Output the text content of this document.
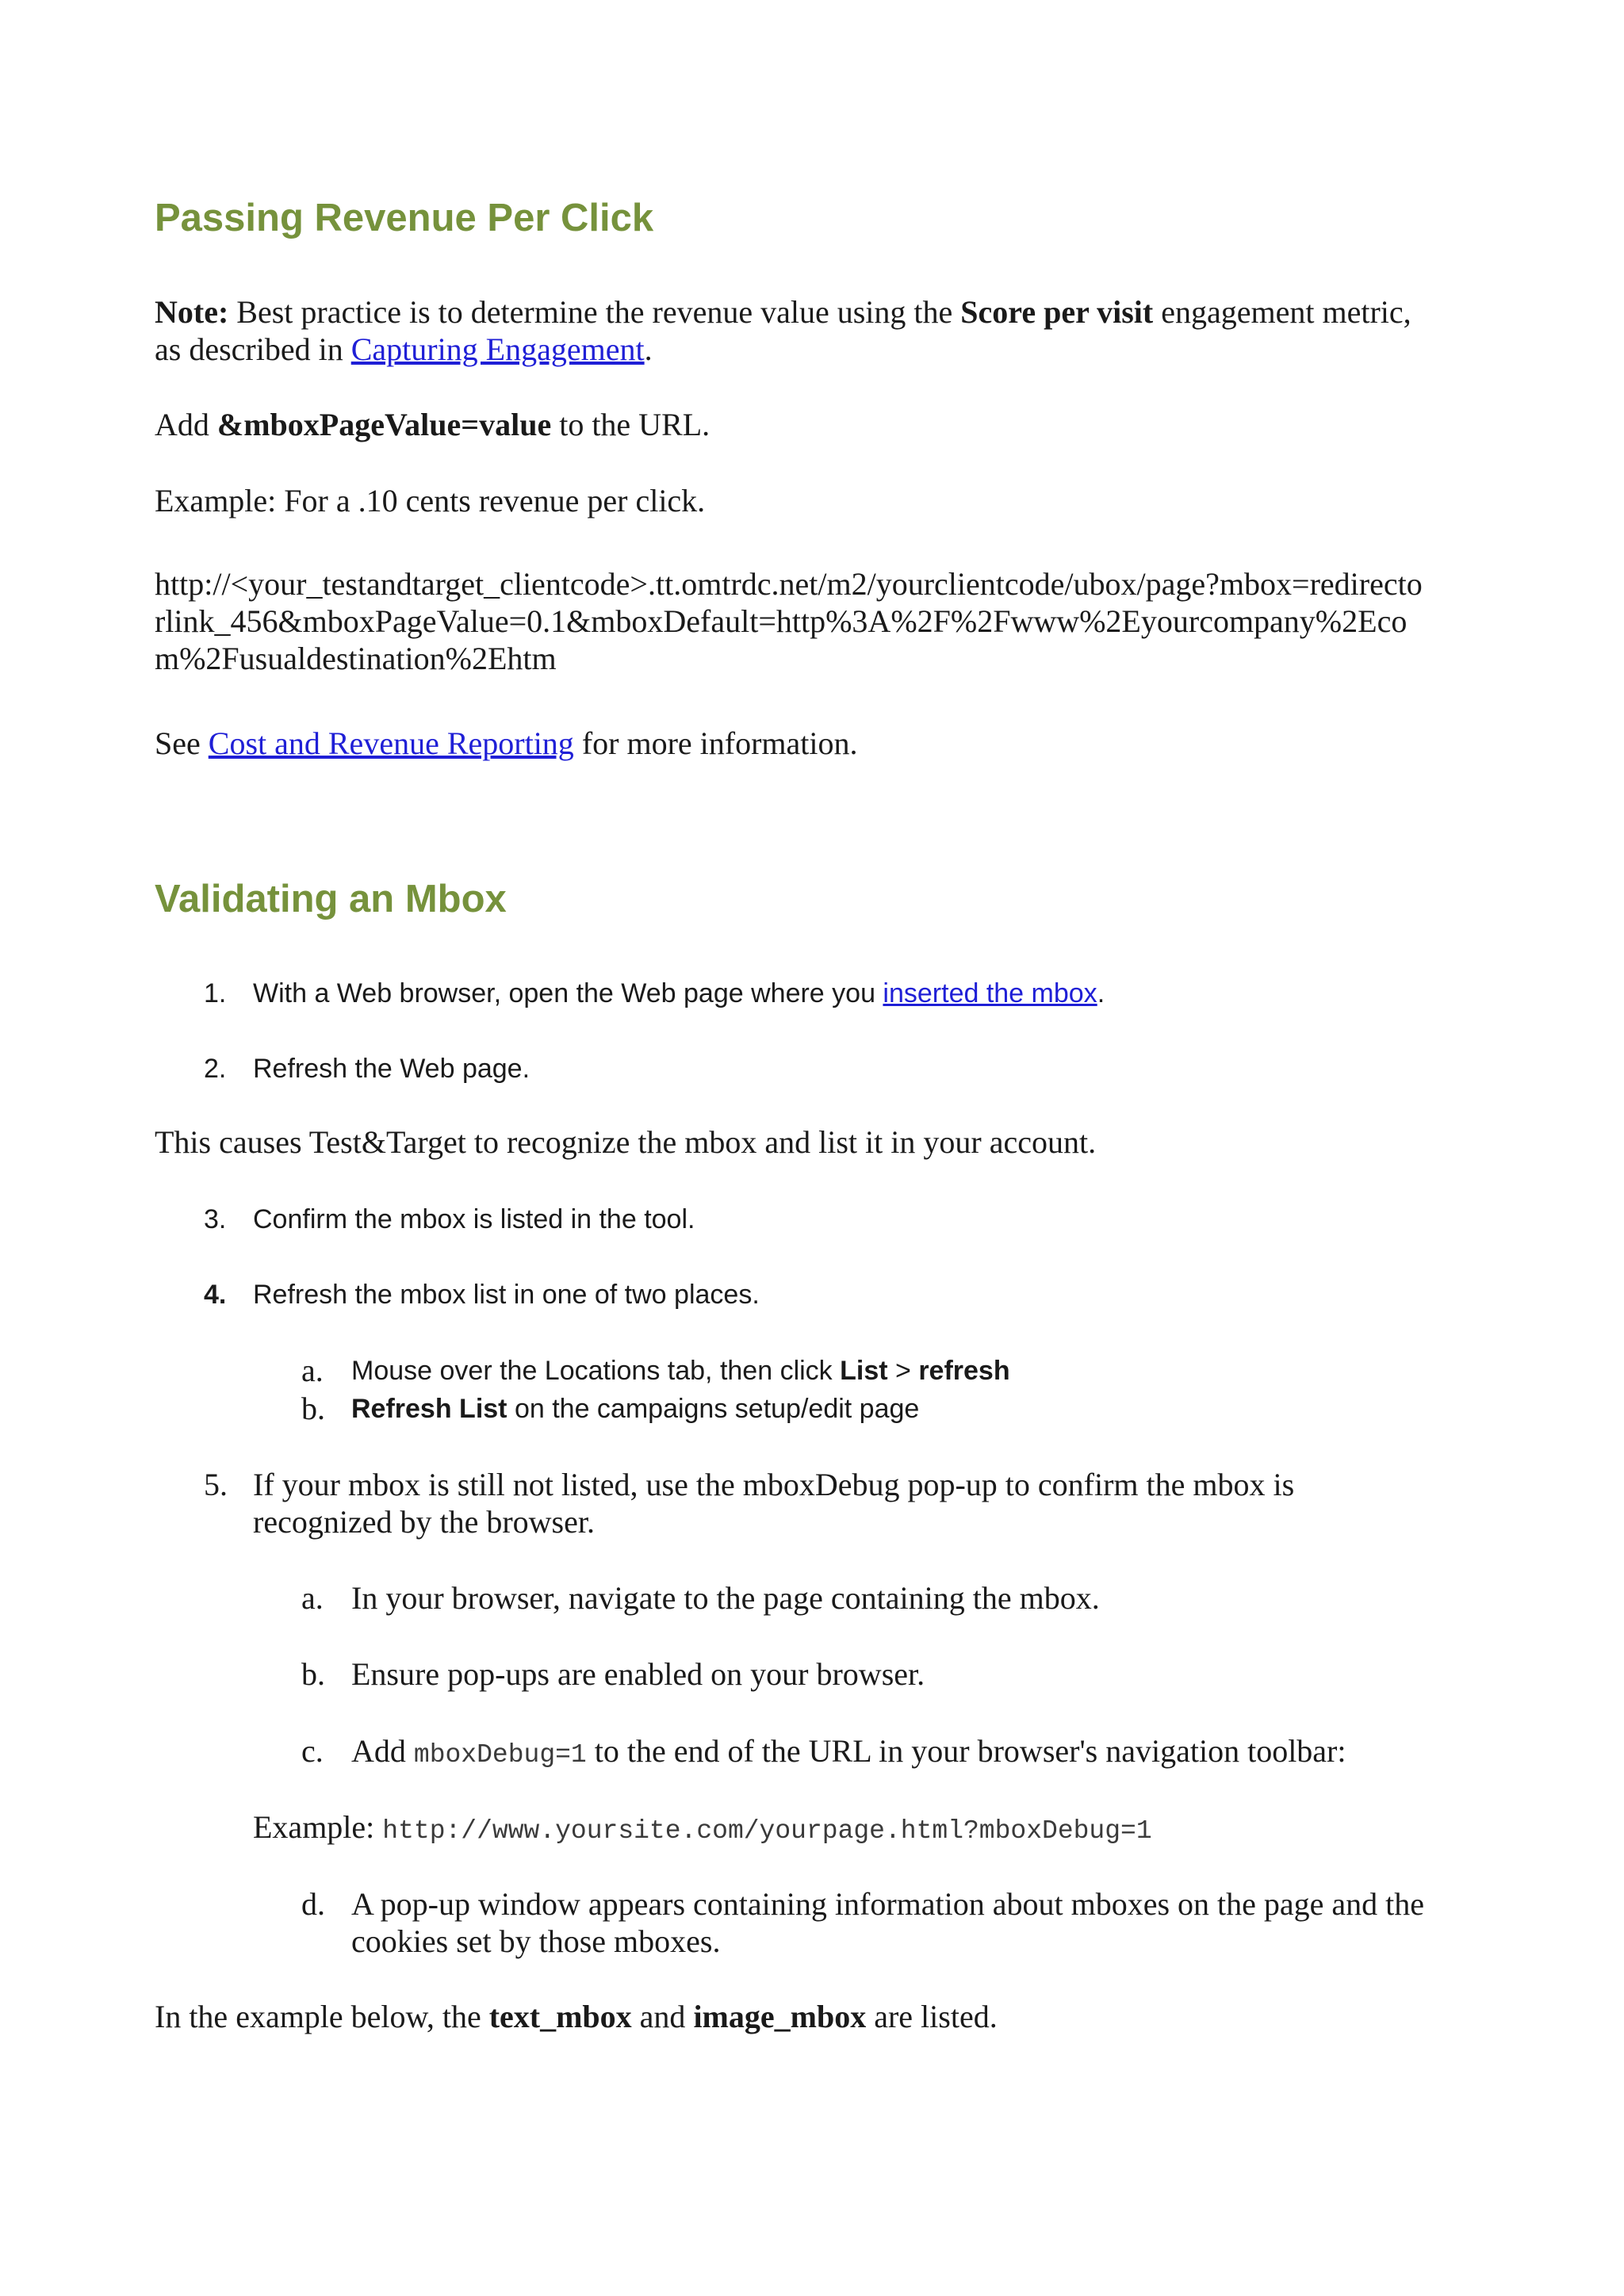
Passing Revenue Per Click

Note: Best practice is to determine the revenue value using the Score per visit engagement metric,

as described in Capturing Engagement.

Add &mboxPageValue=value to the URL.

Example: For a .10 cents revenue per click.

http://<your_testandtarget_clientcode>.tt.omtrdc.net/m2/yourclientcode/ubox/page?mbox=redirecto

rlink_456&mboxPageValue=0.1&mboxDefault=http%3A%2F%2Fwww%2Eyourcompany%2Eco

m%2Fusualdestination%2Ehtm

See Cost and Revenue Reporting for more information.

Validating an Mbox
1. With a Web browser, open the Web page where you inserted the mbox.
2. Refresh the Web page.

This causes Test&Target to recognize the mbox and list it in your account.

3. Confirm the mbox is listed in the tool.
4. Refresh the mbox list in one of two places.
a. Mouse over the Locations tab, then click List > refresh
b. Refresh List on the campaigns setup/edit page
5. If your mbox is still not listed, use the mboxDebug pop-up to confirm the mbox is

recognized by the browser.

a. In your browser, navigate to the page containing the mbox.

b. Ensure pop-ups are enabled on your browser.

c. Add mboxDebug=1 to the end of the URL in your browser's navigation toolbar:

Example: http://www.yoursite.com/yourpage.html?mboxDebug=1

d. A pop-up window appears containing information about mboxes on the page and the

cookies set by those mboxes.

In the example below, the text_mbox and image_mbox are listed.
